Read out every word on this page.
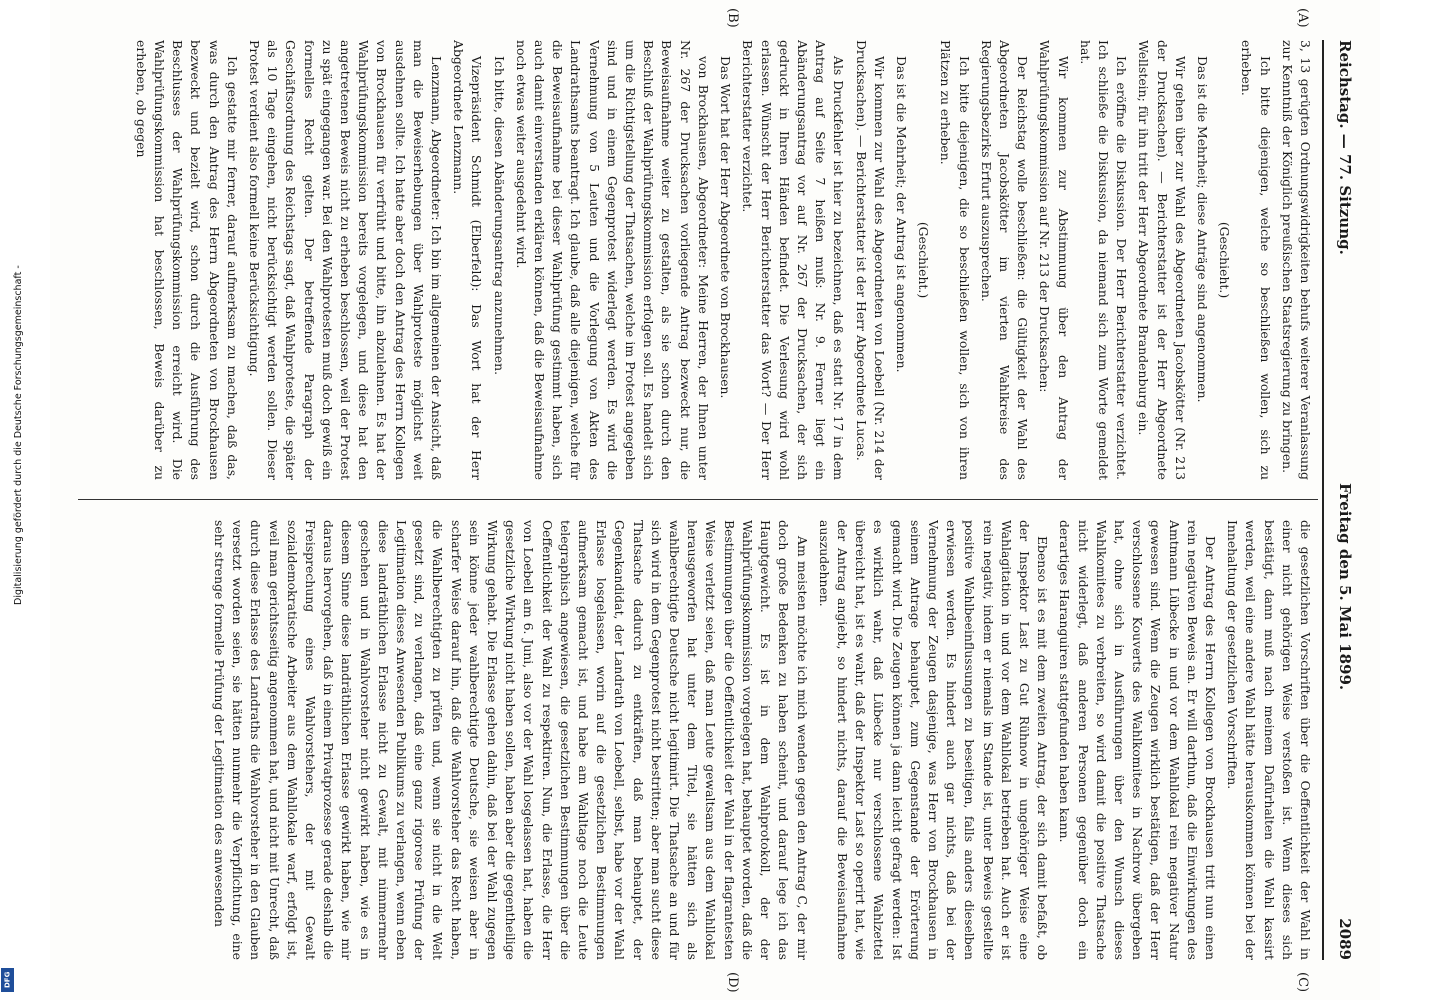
Reichstag. — 77. Sitzung.
Freitag den 5. Mai 1899.
2089
(A)
(B)
(C)
(D)

3, 13 gerügten Ordnungswidrigkeiten behufs weiterer Veranlassung zur Kenntniß der Königlich preußischen Staatsregierung zu bringen.

Ich bitte diejenigen, welche so beschließen wollen, sich zu erheben.

(Geschieht.)

Das ist die Mehrheit; diese Anträge sind angenommen.

Wir gehen über zur Wahl des Abgeordneten Jacobskötter (Nr. 213 der Drucksachen). — Berichterstatter ist der Herr Abgeordnete Wellstein; für ihn tritt der Herr Abgeordnete Brandenburg ein.

Ich eröffne die Diskussion. Der Herr Berichterstatter verzichtet. Ich schließe die Diskussion, da niemand sich zum Worte gemeldet hat.

Wir kommen zur Abstimmung über den Antrag der Wahlprüfungskommission auf Nr. 213 der Drucksachen:

Der Reichstag wolle beschließen: die Gültigkeit der Wahl des Abgeordneten Jacobskötter im vierten Wahlkreise des Regierungsbezirks Erfurt auszusprechen.

Ich bitte diejenigen, die so beschließen wollen, sich von ihren Plätzen zu erheben.

(Geschieht.)

Das ist die Mehrheit; der Antrag ist angenommen.

Wir kommen zur Wahl des Abgeordneten von Loebell (Nr. 214 der Drucksachen). — Berichterstatter ist der Herr Abgeordnete Lucas.

Als Druckfehler ist hier zu bezeichnen, daß es statt Nr. 17 in dem Antrag auf Seite 7 heißen muß: Nr. 9. Ferner liegt ein Abänderungsantrag vor auf Nr. 267 der Drucksachen, der sich gedruckt in Ihren Händen befindet. Die Verlesung wird wohl erlassen. Wünscht der Herr Berichterstatter das Wort? — Der Herr Berichterstatter verzichtet.

Das Wort hat der Herr Abgeordnete von Brockhausen.

von Brockhausen, Abgeordneter: Meine Herren, der Ihnen unter Nr. 267 der Drucksachen vorliegende Antrag bezweckt nur, die Beweisaufnahme weiter zu gestalten, als sie schon durch den Beschluß der Wahlprüfungskommission erfolgen soll. Es handelt sich um die Richtigstellung der Thatsachen, welche im Protest angegeben sind und in einem Gegenprotest widerlegt werden. Es wird die Vernehmung von 5 Leuten und die Vorlegung von Akten des Landrathsamts beantragt. Ich glaube, daß alle diejenigen, welche für die Beweisaufnahme bei dieser Wahlprüfung gestimmt haben, sich auch damit einverstanden erklären können, daß die Beweisaufnahme noch etwas weiter ausgedehnt wird.

Ich bitte, diesen Abänderungsantrag anzunehmen.

Vizepräsident Schmidt (Elberfeld): Das Wort hat der Herr Abgeordnete Lenzmann.

Lenzmann, Abgeordneter: Ich bin im allgemeinen der Ansicht, daß man die Beweiserhebungen über Wahlproteste möglichst weit ausdehnen sollte. Ich hatte aber doch den Antrag des Herrn Kollegen von Brockhausen für verfrüht und bitte, ihn abzulehnen. Es hat der Wahlprüfungskommission bereits vorgelegen, und diese hat den angetretenen Beweis nicht zu erheben beschlossen, weil der Protest zu spät eingegangen war. Bei den Wahlprotesten muß doch gewiß ein formelles Recht gelten. Der betreffende Paragraph der Geschäftsordnung des Reichstags sagt, daß Wahlproteste, die später als 10 Tage eingehen, nicht berücksichtigt werden sollen. Dieser Protest verdient also formell keine Berücksichtigung.

Ich gestatte mir ferner, darauf aufmerksam zu machen, daß das, was durch den Antrag des Herrn Abgeordneten von Brockhausen bezweckt und bezielt wird, schon durch die Ausführung des Beschlusses der Wahlprüfungskommission erreicht wird. Die Wahlprüfungskommission hat beschlossen, Beweis darüber zu erheben, ob gegen

die gesetzlichen Vorschriften über die Oeffentlichkeit der Wahl in einer nicht gehörigen Weise verstoßen ist. Wenn dieses sich bestätigt, dann muß nach meinem Dafürhalten die Wahl kassirt werden, weil eine andere Wahl hätte herauskommen können bei der Innehaltung der gesetzlichen Vorschriften.

Der Antrag des Herrn Kollegen von Brockhausen tritt nun einen rein negativen Beweis an. Er will darthun, daß die Einwirkungen des Amtmann Lübecke in und vor dem Wahllokal rein negativer Natur gewesen sind. Wenn die Zeugen wirklich bestätigen, daß der Herr verschlossene Kouverts des Wahlkomitees in Nachrow übergeben hat, ohne sich in Ausführungen über den Wunsch dieses Wahlkomitees zu verbreiten, so wird damit die positive Thatsache nicht widerlegt, daß anderen Personen gegenüber doch ein derartiges Haranguiren stattgefunden haben kann.

Ebenso ist es mit dem zweiten Antrag, der sich damit befaßt, ob der Inspektor Last zu Gut Rühnow in ungehöriger Weise eine Wahlagitation in und vor dem Wahllokal betrieben hat. Auch er ist rein negativ, indem er niemals im Stande ist, unter Beweis gestellte positive Wahlbeeinflussungen zu beseitigen, falls anders dieselben erwiesen werden. Es hindert auch gar nichts, daß bei der Vernehmung der Zeugen dasjenige, was Herr von Brockhausen in seinem Antrage behauptet, zum Gegenstande der Erörterung gemacht wird. Die Zeugen können ja dann leicht gefragt werden: Ist es wirklich wahr, daß Lübecke nur verschlossene Wahlzettel übereicht hat, ist es wahr, daß der Inspektor Last so operirt hat, wie der Antrag angiebt, so hindert nichts, darauf die Beweisaufnahme auszudehnen.

Am meisten möchte ich mich wenden gegen den Antrag C, der mir doch große Bedenken zu haben scheint, und darauf lege ich das Hauptgewicht. Es ist in dem Wahlprotokoll, der der Wahlprüfungskommission vorgelegen hat, behauptet worden, daß die Bestimmungen über die Oeffentlichkeit der Wahl in der flagrantesten Weise verletzt seien, daß man Leute gewaltsam aus dem Wahllokal herausgeworfen hat unter dem Titel, sie hätten sich als wahlberechtigte Deutsche nicht legitimirt. Die Thatsache an und für sich wird in dem Gegenprotest nicht bestritten; aber man sucht diese Thatsache dadurch zu entkräften, daß man behauptet, der Gegenkandidat, der Landrath von Loebell, selbst, habe vor der Wahl Erlasse losgelassen, worin auf die gesetzlichen Bestimmungen aufmerksam gemacht ist, und habe am Wahltage noch die Leute telegraphisch angewiesen, die gesetzlichen Bestimmungen über die Oeffentlichkeit der Wahl zu respektiren. Nun, die Erlasse, die Herr von Loebell am 6. Juni, also vor der Wahl losgelassen hat, haben die gesetzliche Wirkung nicht haben sollen, haben aber die gegentheilige Wirkung gehabt. Die Erlasse gehen dahin, daß bei der Wahl zugegen sein könne jeder wahlberechtigte Deutsche, sie weisen aber in scharfer Weise darauf hin, daß die Wahlvorsteher das Recht haben, die Wahlberechtigten zu prüfen und, wenn sie nicht in die Welt gesetzt sind, zu verlangen, daß eine ganz rigorose Prüfung der Legitimation dieses Anwesenden Publikums zu verlangen, wenn eben diese landräthlichen Erlasse nicht zu Gewalt, mit nimmermehr geschehen und in Wahlvorsteher nicht gewirkt haben, wie es in diesem Sinne diese landräthlichen Erlasse gewirkt haben, wie mir daraus hervorgehen, daß in einem Privatprozesse gerade deshalb die Freisprechung eines Wahlvorstehers, der mit Gewalt sozialdemokratische Arbeiter aus dem Wahllokale warf, erfolgt ist, weil man gerichtsseitig angenommen hat, und nicht mit Unrecht, daß durch diese Erlasse des Landraths die Wahlvorsteher in den Glauben versetzt worden seien, sie hätten nunmehr die Verpflichtung, eine sehr strenge formelle Prüfung der Legitimation des anwesenden

Digitalisierung gefördert durch die Deutsche Forschungsgemeinschaft -
DFG
